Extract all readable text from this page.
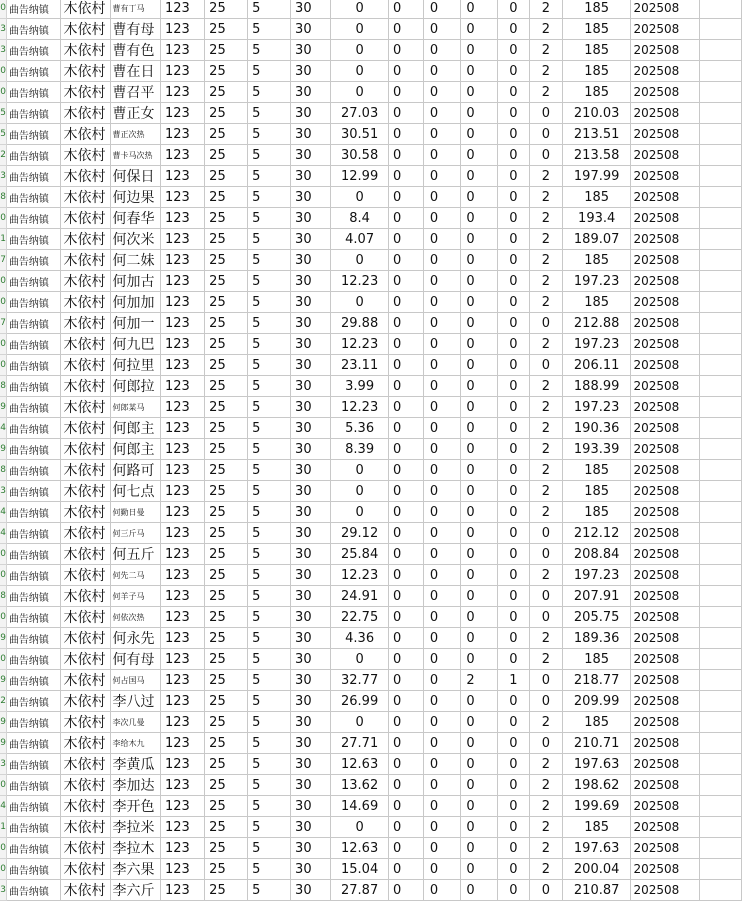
0	曲告纳镇	木依村	曹有丁马	123	25	5	30	0	0	0	0	0	2	185	202508	
3	曲告纳镇	木依村	曹有母	123	25	5	30	0	0	0	0	0	2	185	202508	
3	曲告纳镇	木依村	曹有色	123	25	5	30	0	0	0	0	0	2	185	202508	
0	曲告纳镇	木依村	曹在日	123	25	5	30	0	0	0	0	0	2	185	202508	
0	曲告纳镇	木依村	曹召平	123	25	5	30	0	0	0	0	0	2	185	202508	
5	曲告纳镇	木依村	曹正女	123	25	5	30	27.03	0	0	0	0	0	210.03	202508	
5	曲告纳镇	木依村	曹正次热	123	25	5	30	30.51	0	0	0	0	0	213.51	202508	
2	曲告纳镇	木依村	曹卡马次热	123	25	5	30	30.58	0	0	0	0	0	213.58	202508	
3	曲告纳镇	木依村	何保日	123	25	5	30	12.99	0	0	0	0	2	197.99	202508	
8	曲告纳镇	木依村	何边果	123	25	5	30	0	0	0	0	0	2	185	202508	
0	曲告纳镇	木依村	何春华	123	25	5	30	8.4	0	0	0	0	2	193.4	202508	
1	曲告纳镇	木依村	何次米	123	25	5	30	4.07	0	0	0	0	2	189.07	202508	
7	曲告纳镇	木依村	何二妹	123	25	5	30	0	0	0	0	0	2	185	202508	
0	曲告纳镇	木依村	何加古	123	25	5	30	12.23	0	0	0	0	2	197.23	202508	
0	曲告纳镇	木依村	何加加	123	25	5	30	0	0	0	0	0	2	185	202508	
7	曲告纳镇	木依村	何加一	123	25	5	30	29.88	0	0	0	0	0	212.88	202508	
0	曲告纳镇	木依村	何九巴	123	25	5	30	12.23	0	0	0	0	2	197.23	202508	
0	曲告纳镇	木依村	何拉里	123	25	5	30	23.11	0	0	0	0	0	206.11	202508	
8	曲告纳镇	木依村	何郎拉	123	25	5	30	3.99	0	0	0	0	2	188.99	202508	
9	曲告纳镇	木依村	何郎某马	123	25	5	30	12.23	0	0	0	0	2	197.23	202508	
4	曲告纳镇	木依村	何郎主	123	25	5	30	5.36	0	0	0	0	2	190.36	202508	
9	曲告纳镇	木依村	何郎主	123	25	5	30	8.39	0	0	0	0	2	193.39	202508	
8	曲告纳镇	木依村	何路可	123	25	5	30	0	0	0	0	0	2	185	202508	
3	曲告纳镇	木依村	何七点	123	25	5	30	0	0	0	0	0	2	185	202508	
4	曲告纳镇	木依村	何勤日曼	123	25	5	30	0	0	0	0	0	2	185	202508	
4	曲告纳镇	木依村	何三斤马	123	25	5	30	29.12	0	0	0	0	0	212.12	202508	
0	曲告纳镇	木依村	何五斤	123	25	5	30	25.84	0	0	0	0	0	208.84	202508	
0	曲告纳镇	木依村	何先二马	123	25	5	30	12.23	0	0	0	0	2	197.23	202508	
8	曲告纳镇	木依村	何羊子马	123	25	5	30	24.91	0	0	0	0	0	207.91	202508	
0	曲告纳镇	木依村	何依次热	123	25	5	30	22.75	0	0	0	0	0	205.75	202508	
9	曲告纳镇	木依村	何永先	123	25	5	30	4.36	0	0	0	0	2	189.36	202508	
0	曲告纳镇	木依村	何有母	123	25	5	30	0	0	0	0	0	2	185	202508	
9	曲告纳镇	木依村	何占国马	123	25	5	30	32.77	0	0	2	1	0	218.77	202508	
2	曲告纳镇	木依村	李八过	123	25	5	30	26.99	0	0	0	0	0	209.99	202508	
9	曲告纳镇	木依村	李次几曼	123	25	5	30	0	0	0	0	0	2	185	202508	
9	曲告纳镇	木依村	李给木九	123	25	5	30	27.71	0	0	0	0	0	210.71	202508	
3	曲告纳镇	木依村	李黄瓜	123	25	5	30	12.63	0	0	0	0	2	197.63	202508	
0	曲告纳镇	木依村	李加达	123	25	5	30	13.62	0	0	0	0	2	198.62	202508	
4	曲告纳镇	木依村	李开色	123	25	5	30	14.69	0	0	0	0	2	199.69	202508	
1	曲告纳镇	木依村	李拉米	123	25	5	30	0	0	0	0	0	2	185	202508	
0	曲告纳镇	木依村	李拉木	123	25	5	30	12.63	0	0	0	0	2	197.63	202508	
0	曲告纳镇	木依村	李六果	123	25	5	30	15.04	0	0	0	0	2	200.04	202508	
3	曲告纳镇	木依村	李六斤	123	25	5	30	27.87	0	0	0	0	0	210.87	202508	
